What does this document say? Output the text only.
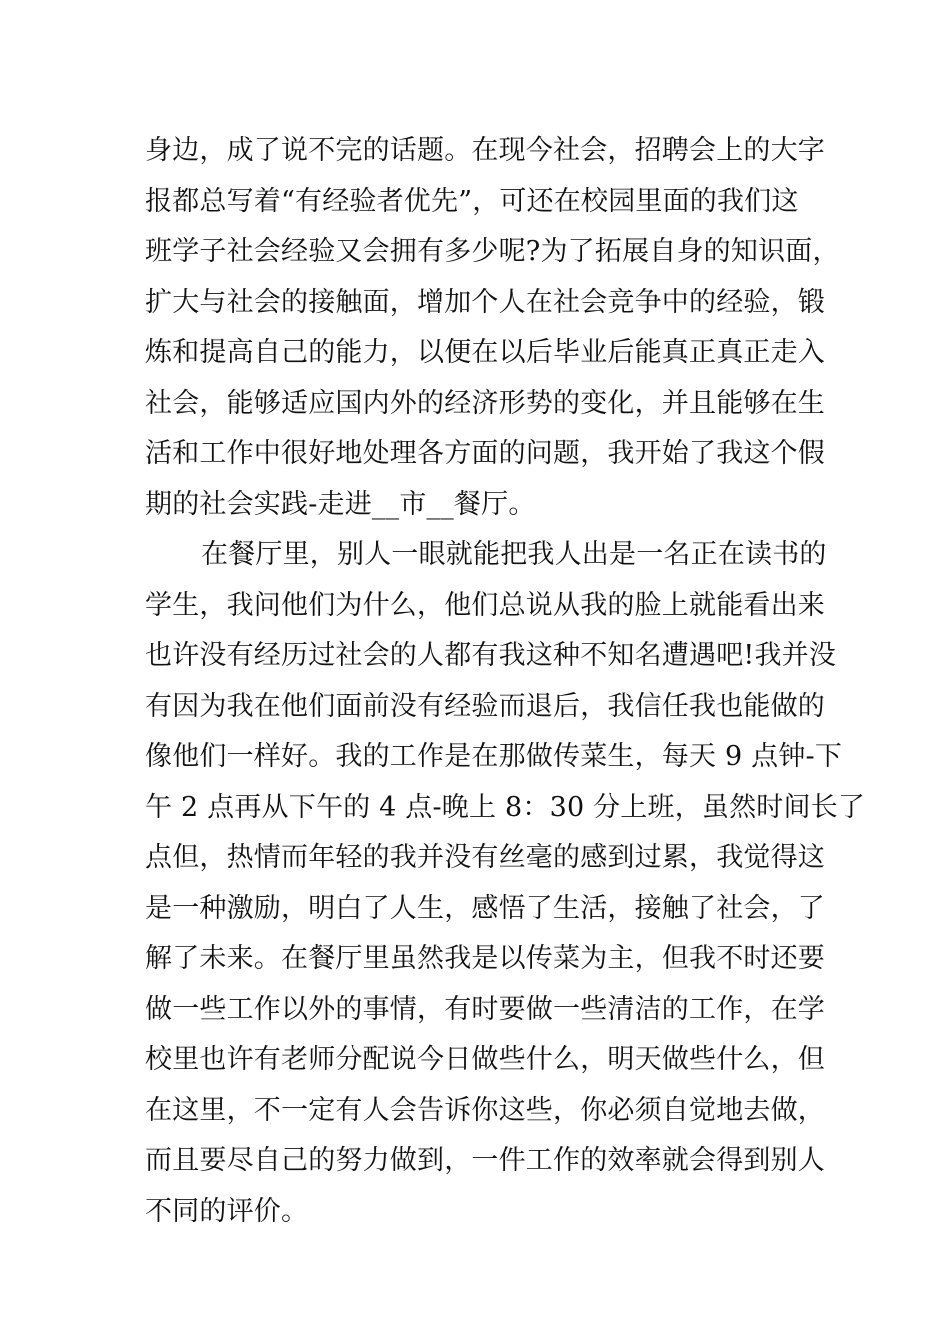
身边，成了说不完的话题。在现今社会，招聘会上的大字
报都总写着“有经验者优先”，可还在校园里面的我们这
班学子社会经验又会拥有多少呢?为了拓展自身的知识面，
扩大与社会的接触面，增加个人在社会竞争中的经验，锻
炼和提高自己的能力，以便在以后毕业后能真正真正走入
社会，能够适应国内外的经济形势的变化，并且能够在生
活和工作中很好地处理各方面的问题，我开始了我这个假
期的社会实践-走进__市__餐厅。
在餐厅里，别人一眼就能把我人出是一名正在读书的
学生，我问他们为什么，他们总说从我的脸上就能看出来
也许没有经历过社会的人都有我这种不知名遭遇吧!我并没
有因为我在他们面前没有经验而退后，我信任我也能做的
像他们一样好。我的工作是在那做传菜生，每天 9 点钟-下
午 2 点再从下午的 4 点-晚上 8：30 分上班，虽然时间长了
点但，热情而年轻的我并没有丝毫的感到过累，我觉得这
是一种激励，明白了人生，感悟了生活，接触了社会，了
解了未来。在餐厅里虽然我是以传菜为主，但我不时还要
做一些工作以外的事情，有时要做一些清洁的工作，在学
校里也许有老师分配说今日做些什么，明天做些什么，但
在这里，不一定有人会告诉你这些，你必须自觉地去做，
而且要尽自己的努力做到，一件工作的效率就会得到别人
不同的评价。
